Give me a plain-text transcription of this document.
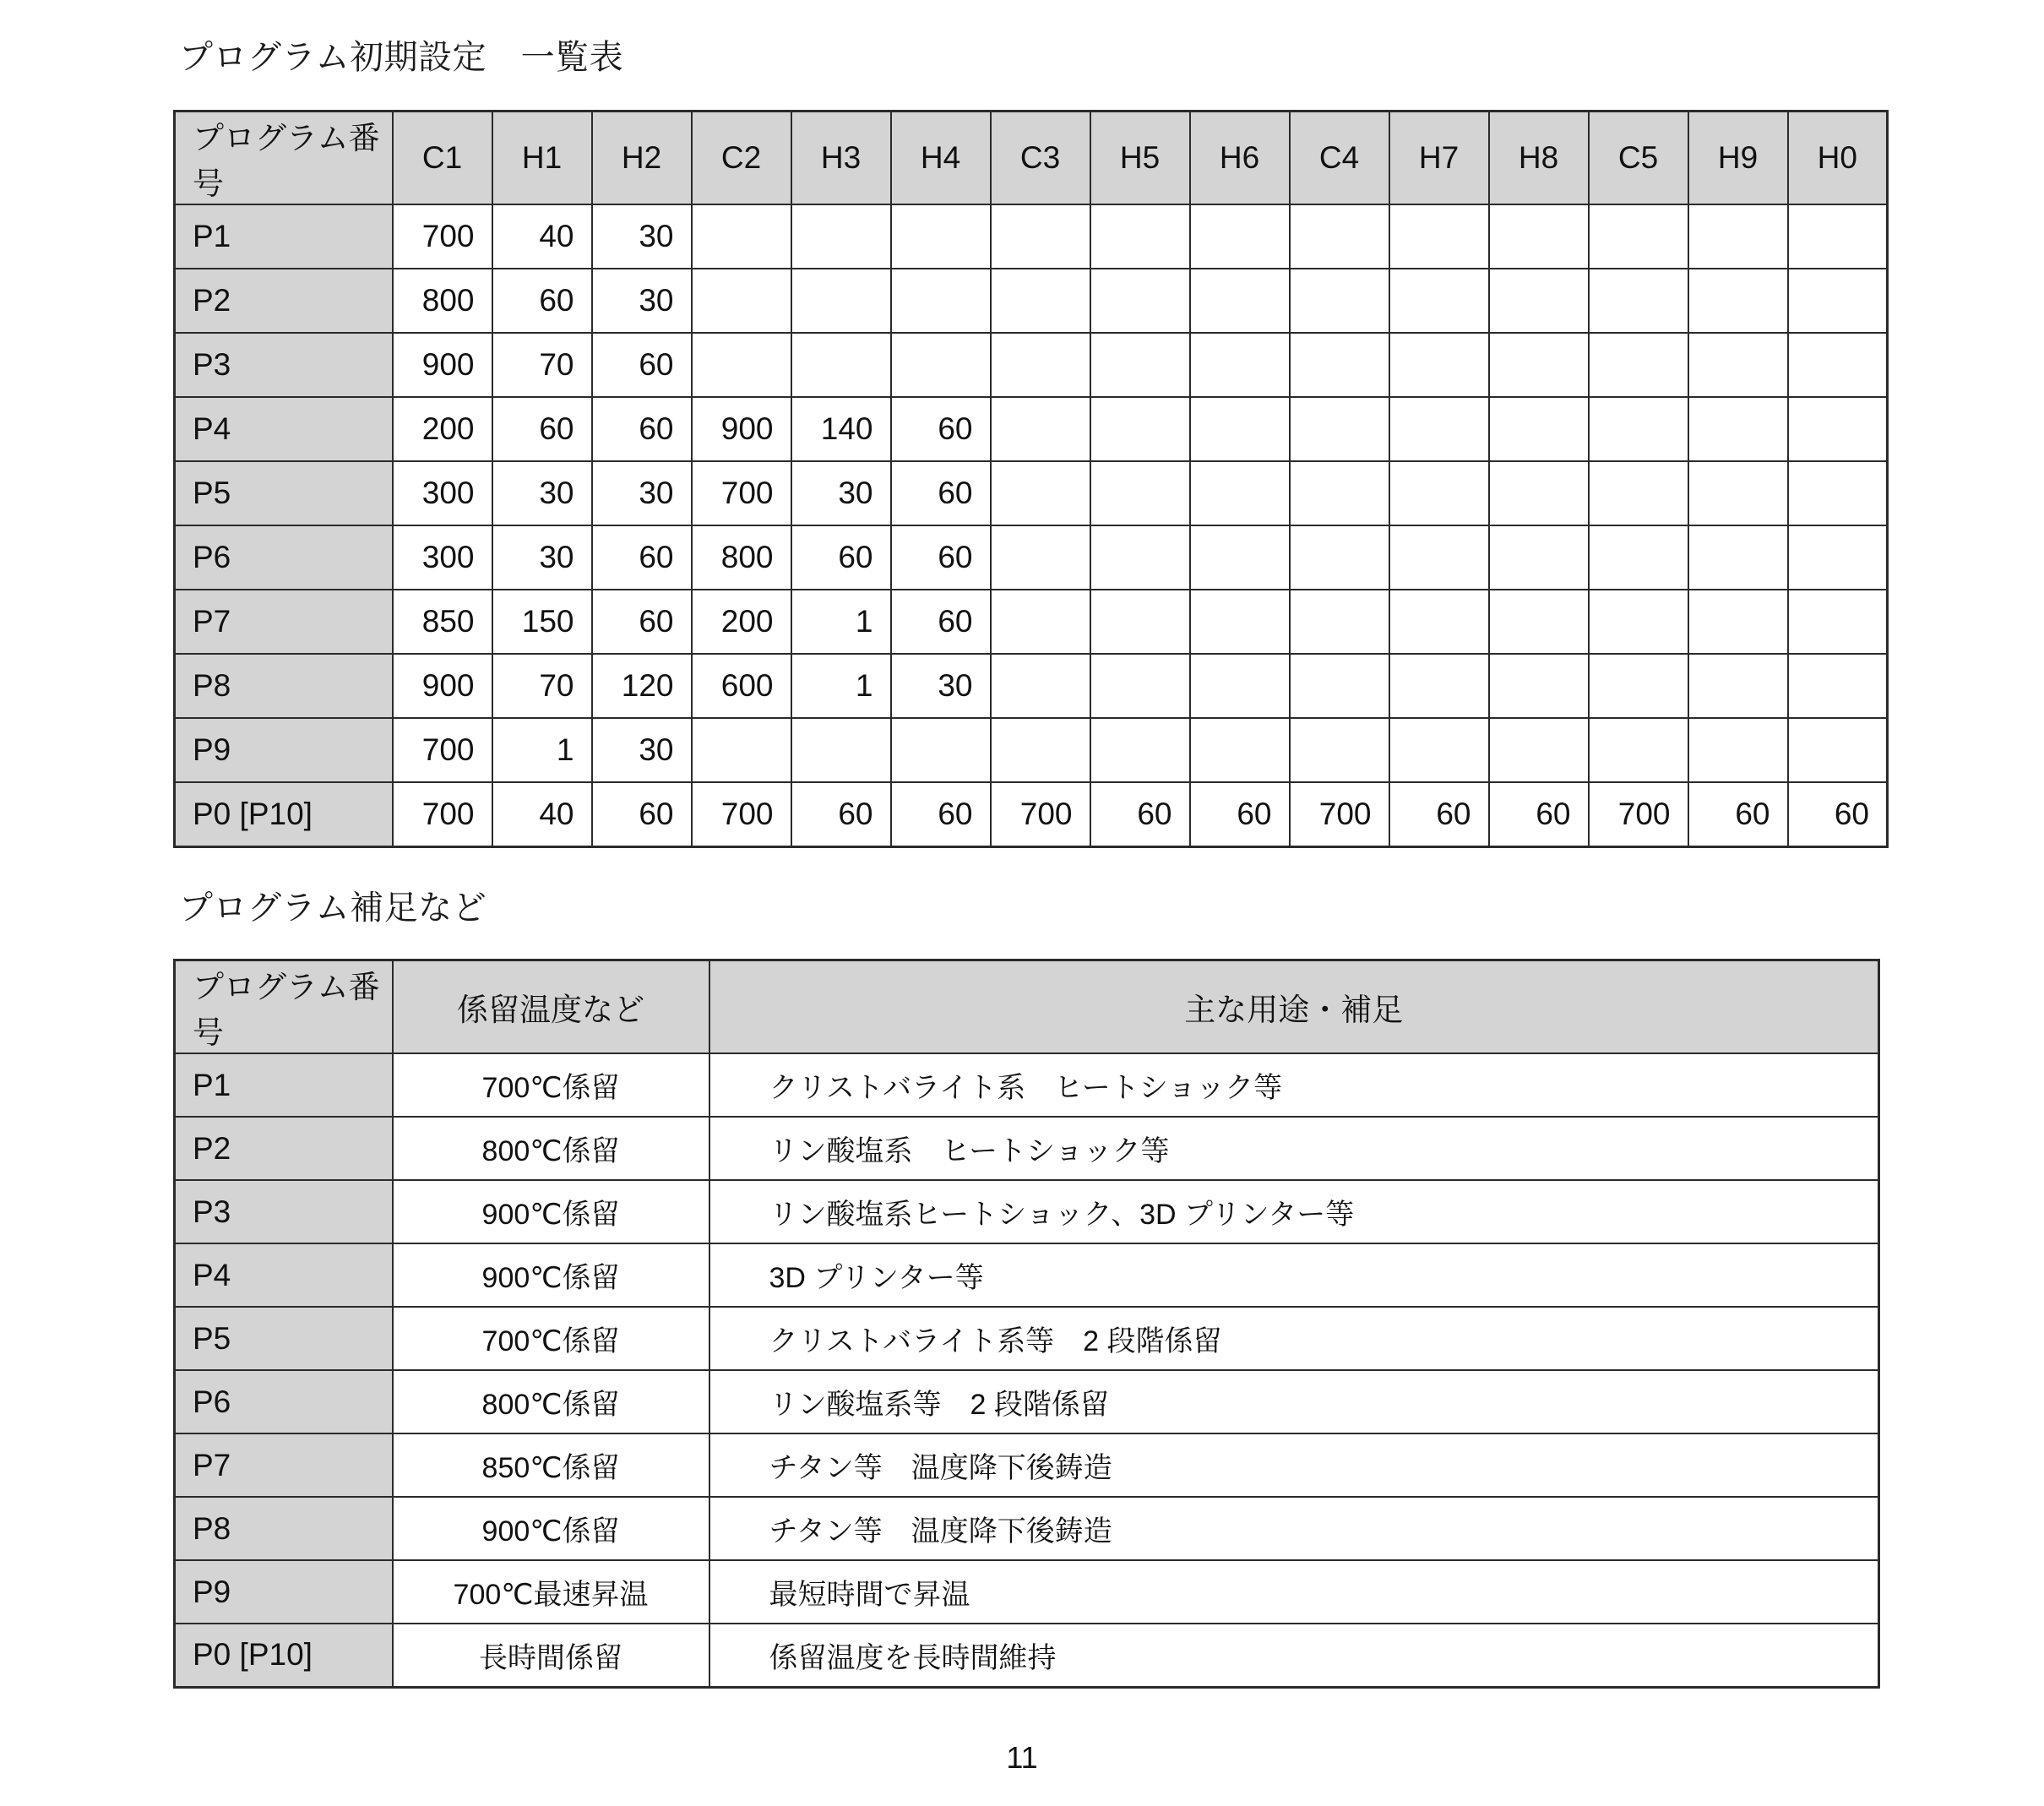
プログラム初期設定　一覧表
プログラム番号	C1	H1	H2	C2	H3	H4	C3	H5	H6	C4	H7	H8	C5	H9	H0
P1	700	40	30												
P2	800	60	30												
P3	900	70	60												
P4	200	60	60	900	140	60									
P5	300	30	30	700	30	60									
P6	300	30	60	800	60	60									
P7	850	150	60	200	1	60									
P8	900	70	120	600	1	30									
P9	700	1	30												
P0 [P10]	700	40	60	700	60	60	700	60	60	700	60	60	700	60	60
プログラム補足など
プログラム番号	係留温度など	主な用途・補足
P1	700℃係留	クリストバライト系　ヒートショック等
P2	800℃係留	リン酸塩系　ヒートショック等
P3	900℃係留	リン酸塩系ヒートショック、3D プリンター等
P4	900℃係留	3D プリンター等
P5	700℃係留	クリストバライト系等　2 段階係留
P6	800℃係留	リン酸塩系等　2 段階係留
P7	850℃係留	チタン等　温度降下後鋳造
P8	900℃係留	チタン等　温度降下後鋳造
P9	700℃最速昇温	最短時間で昇温
P0 [P10]	長時間係留	係留温度を長時間維持
11
